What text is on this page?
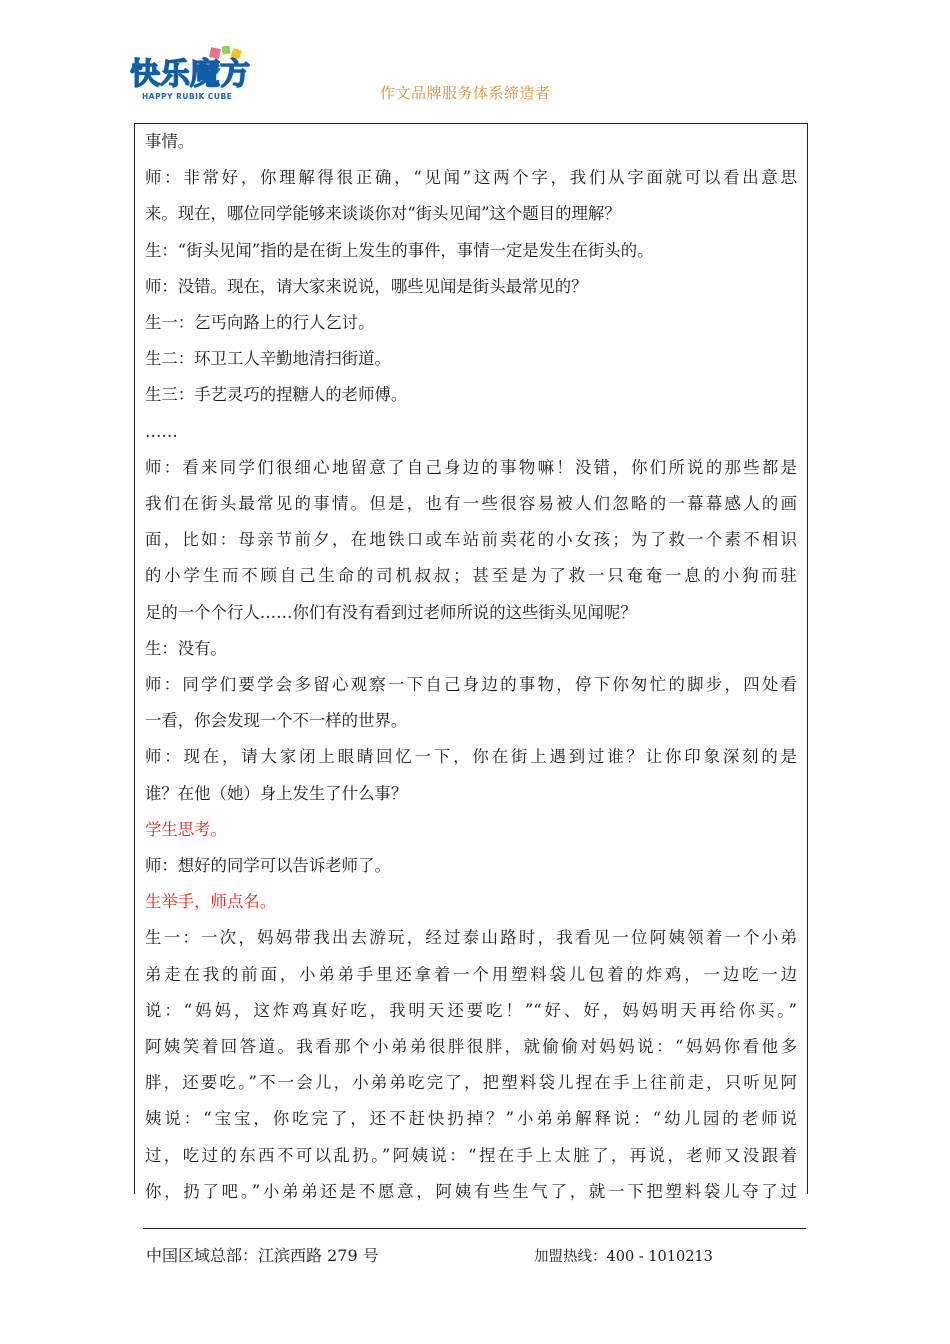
快乐魔方
HAPPY RUBIK CUBE	作文品牌服务体系缔造者
事情。
师：非常好，你理解得很正确，“见闻”这两个字，我们从字面就可以看出意思
来。现在，哪位同学能够来谈谈你对“街头见闻”这个题目的理解？
生：“街头见闻”指的是在街上发生的事件，事情一定是发生在街头的。
师：没错。现在，请大家来说说，哪些见闻是街头最常见的？
生一：乞丐向路上的行人乞讨。
生二：环卫工人辛勤地清扫街道。
生三：手艺灵巧的捏糖人的老师傅。
……
师：看来同学们很细心地留意了自己身边的事物嘛！没错，你们所说的那些都是
我们在街头最常见的事情。但是，也有一些很容易被人们忽略的一幕幕感人的画
面，比如：母亲节前夕，在地铁口或车站前卖花的小女孩；为了救一个素不相识
的小学生而不顾自己生命的司机叔叔；甚至是为了救一只奄奄一息的小狗而驻
足的一个个行人……你们有没有看到过老师所说的这些街头见闻呢？
生：没有。
师：同学们要学会多留心观察一下自己身边的事物，停下你匆忙的脚步，四处看
一看，你会发现一个不一样的世界。
师：现在，请大家闭上眼睛回忆一下，你在街上遇到过谁？让你印象深刻的是
谁？在他（她）身上发生了什么事？
学生思考。
师：想好的同学可以告诉老师了。
生举手，师点名。
生一：一次，妈妈带我出去游玩，经过泰山路时，我看见一位阿姨领着一个小弟
弟走在我的前面，小弟弟手里还拿着一个用塑料袋儿包着的炸鸡，一边吃一边
说：“妈妈，这炸鸡真好吃，我明天还要吃！”“好、好，妈妈明天再给你买。”
阿姨笑着回答道。我看那个小弟弟很胖很胖，就偷偷对妈妈说：“妈妈你看他多
胖，还要吃。”不一会儿，小弟弟吃完了，把塑料袋儿捏在手上往前走，只听见阿
姨说：“宝宝，你吃完了，还不赶快扔掉？”小弟弟解释说：“幼儿园的老师说
过，吃过的东西不可以乱扔。”阿姨说：“捏在手上太脏了，再说，老师又没跟着
你，扔了吧。”小弟弟还是不愿意，阿姨有些生气了，就一下把塑料袋儿夺了过
中国区域总部：江滨西路 279 号	加盟热线：400 - 1010213
